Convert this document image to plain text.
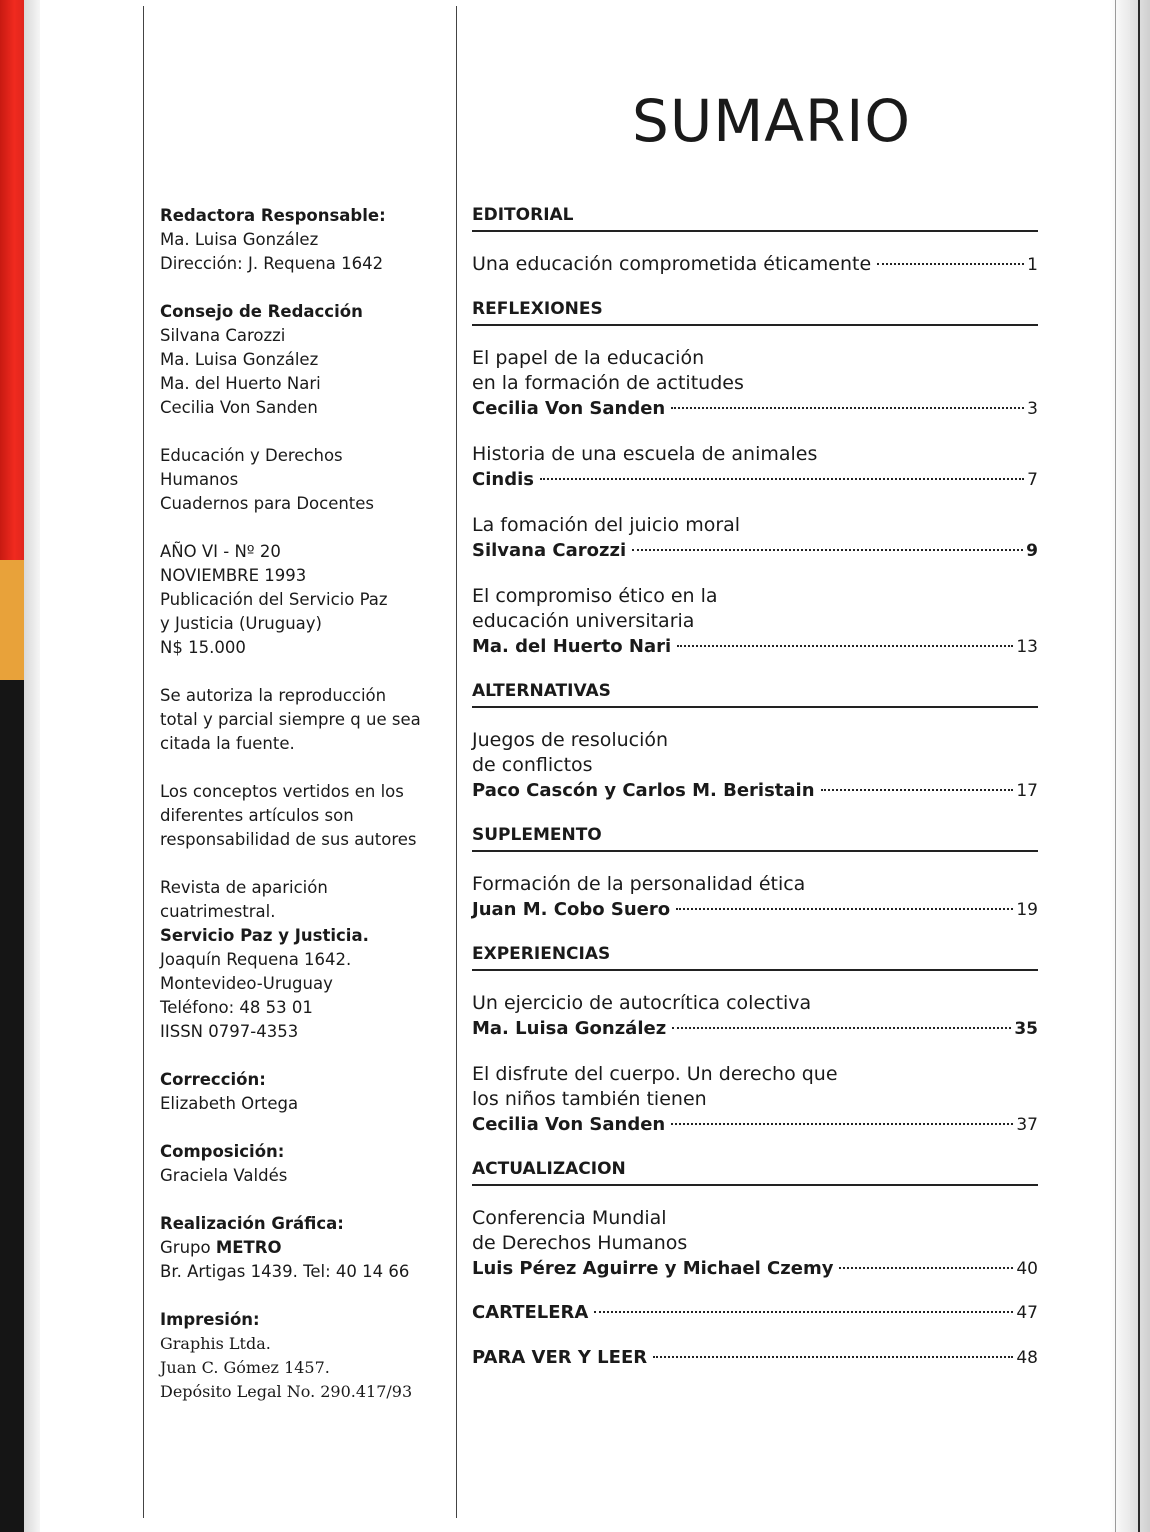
Redactora Responsable:
Ma. Luisa González
Dirección: J. Requena 1642
Consejo de Redacción
Silvana Carozzi
Ma. Luisa González
Ma. del Huerto Nari
Cecilia Von Sanden
Educación y Derechos
Humanos
Cuadernos para Docentes
AÑO VI - Nº 20
NOVIEMBRE 1993
Publicación del Servicio Paz
y Justicia (Uruguay)
N$ 15.000
Se autoriza la reproducción
total y parcial siempre q ue sea
citada la fuente.
Los conceptos vertidos en los
diferentes artículos son
responsabilidad de sus autores
Revista de aparición
cuatrimestral.
Servicio Paz y Justicia.
Joaquín Requena 1642.
Montevideo-Uruguay
Teléfono: 48 53 01
IISSN 0797-4353
Corrección:
Elizabeth Ortega
Composición:
Graciela Valdés
Realización Gráfica:
Grupo METRO
Br. Artigas 1439. Tel: 40 14 66
Impresión:
Graphis Ltda.
Juan C. Gómez 1457.
Depósito Legal No. 290.417/93
SUMARIO
EDITORIAL
Una educación comprometida éticamente	1
REFLEXIONES
El papel de la educación
en la formación de actitudes
Cecilia Von Sanden	3
Historia de una escuela de animales
Cindis	7
La fomación del juicio moral
Silvana Carozzi	9
El compromiso ético en la
educación universitaria
Ma. del Huerto Nari	13
ALTERNATIVAS
Juegos de resolución
de conflictos
Paco Cascón y Carlos M. Beristain	17
SUPLEMENTO
Formación de la personalidad ética
Juan M. Cobo Suero	19
EXPERIENCIAS
Un ejercicio de autocrítica colectiva
Ma. Luisa González	35
El disfrute del cuerpo. Un derecho que
los niños también tienen
Cecilia Von Sanden	37
ACTUALIZACION
Conferencia Mundial
de Derechos Humanos
Luis Pérez Aguirre y Michael Czemy	40
CARTELERA	47
PARA VER Y LEER	48
